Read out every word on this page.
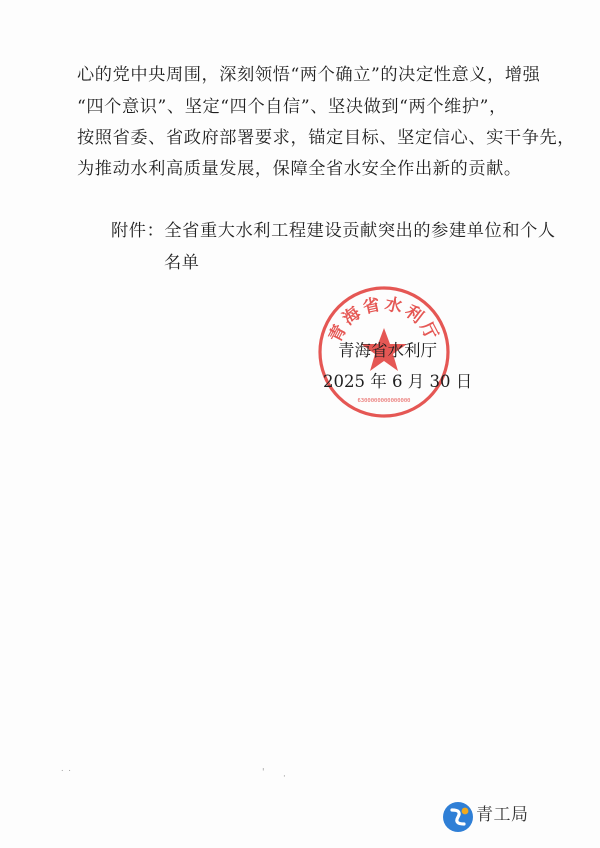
心的党中央周围，深刻领悟“两个确立”的决定性意义，增强
“四个意识”、坚定“四个自信”、坚决做到“两个维护”，
按照省委、省政府部署要求，锚定目标、坚定信心、实干争先，
为推动水利高质量发展，保障全省水安全作出新的贡献。
附件：全省重大水利工程建设贡献突出的参建单位和个人
名单
青海省水利厅
6300000000000000
青海省水利厅
2025 年 6 月 30 日
˙ ˙	' ·
青工局
